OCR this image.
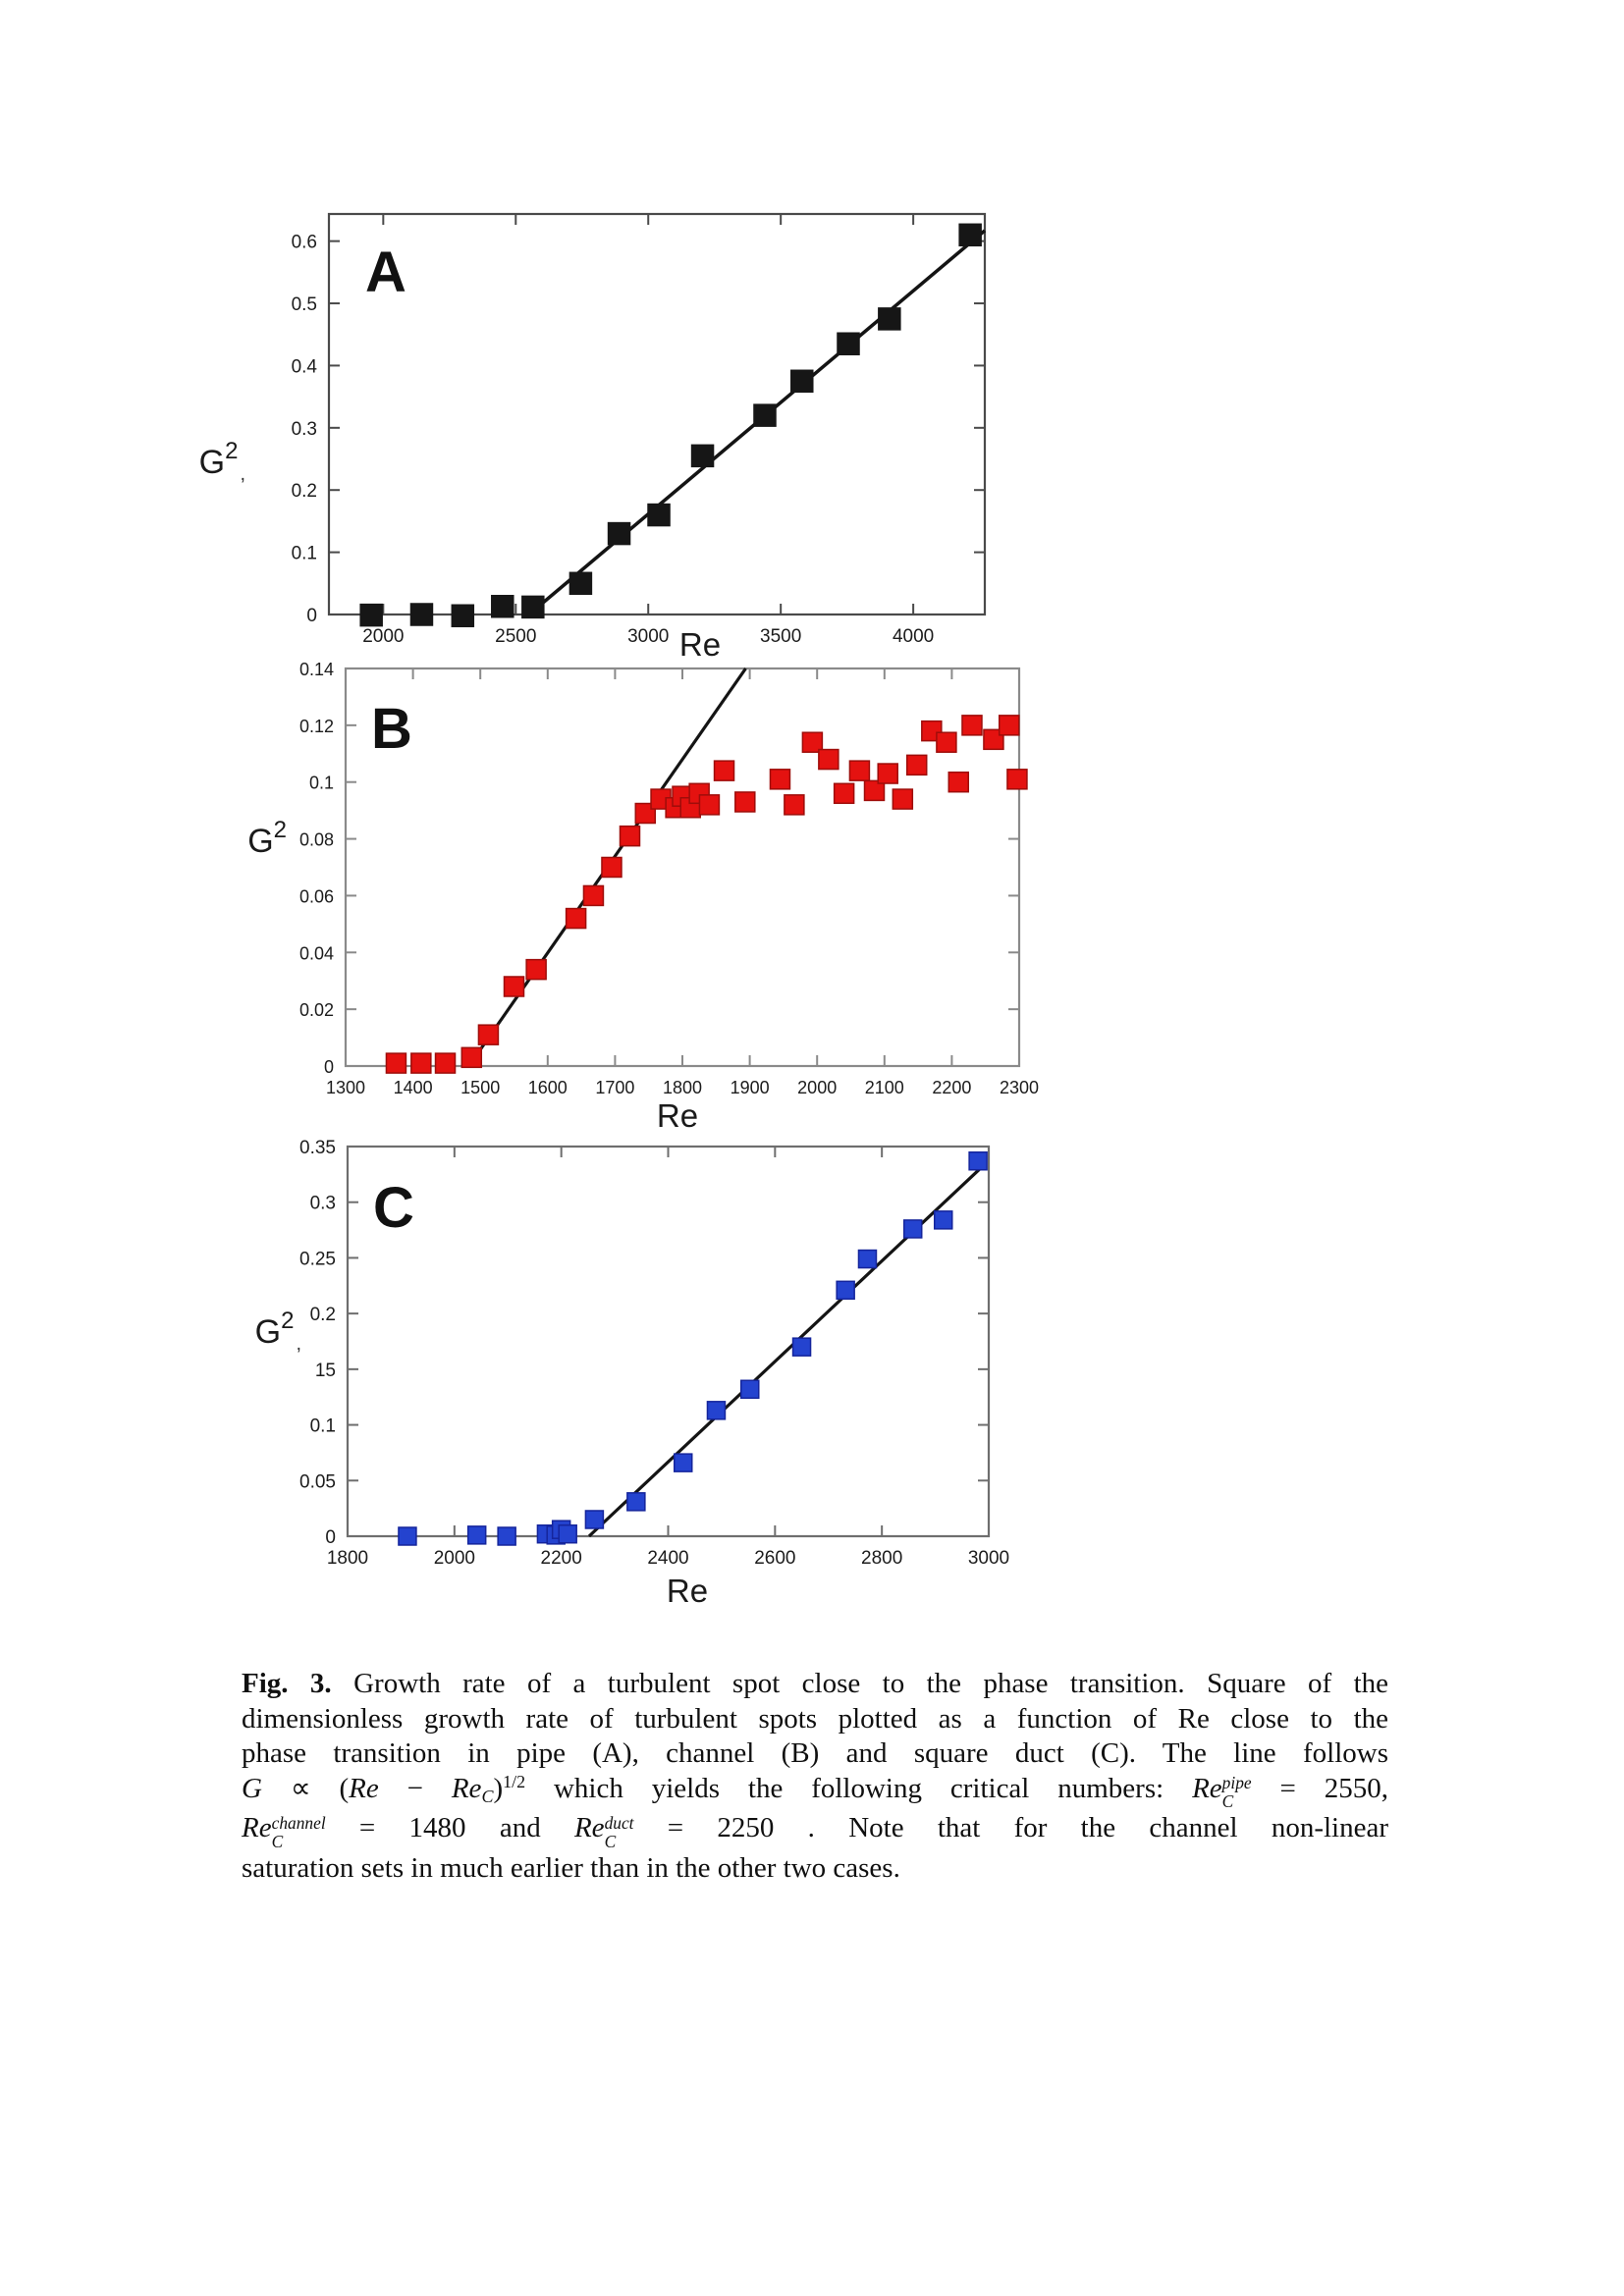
2000	2500	3000	3500	4000
0
0.1
0.2
0.3
0.4
0.5
0.6 A
Re
$G^2_,$
1300 1400 1500 1600 1700 1800 1900 2000 2100 2200 2300
0
0.02
0.04
0.06
0.08
0.1
0.12
0.14
B
Re
$G^2$
1800	2000	2200	2400	2600	2800	3000
0
0.05
0.1
15
0.2
0.25
0.3
0.35
C
Re
$G^2_,$
Fig. 3. Growth rate of a turbulent spot close to the phase transition. Square of the
dimensionless growth rate of turbulent spots plotted as a function of Re close to the
phase transition in pipe (A), channel (B) and square duct (C). The line follows
G ∝ (Re − ReC)$^{1/2}$ which yields the following critical numbers: Re pipe
C = 2550,
Re channel
C	= 1480 and Re duct
C = 2250 . Note that for the channel non-linear
saturation sets in much earlier than in the other two cases.
